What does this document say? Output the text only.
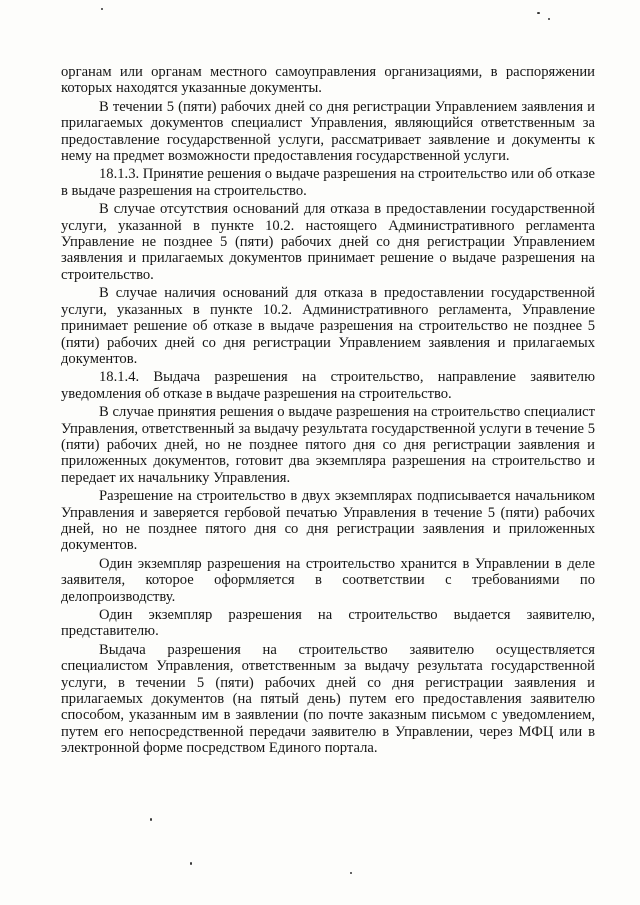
органам или органам местного самоуправления организациями, в распоряжении которых находятся указанные документы.

В течении 5 (пяти) рабочих дней со дня регистрации Управлением заявления и прилагаемых документов специалист Управления, являющийся ответственным за предоставление государственной услуги, рассматривает заявление и документы к нему на предмет возможности предоставления государственной услуги.

18.1.3. Принятие решения о выдаче разрешения на строительство или об отказе в выдаче разрешения на строительство.

В случае отсутствия оснований для отказа в предоставлении государственной услуги, указанной в пункте 10.2. настоящего Административного регламента Управление не позднее 5 (пяти) рабочих дней со дня регистрации Управлением заявления и прилагаемых документов принимает решение о выдаче разрешения на строительство.

В случае наличия оснований для отказа в предоставлении государственной услуги, указанных в пункте 10.2. Административного регламента, Управление принимает решение об отказе в выдаче разрешения на строительство не позднее 5 (пяти) рабочих дней со дня регистрации Управлением заявления и прилагаемых документов.

18.1.4. Выдача разрешения на строительство, направление заявителю уведомления об отказе в выдаче разрешения на строительство.

В случае принятия решения о выдаче разрешения на строительство специалист Управления, ответственный за выдачу результата государственной услуги в течение 5 (пяти) рабочих дней, но не позднее пятого дня со дня регистрации заявления и приложенных документов, готовит два экземпляра разрешения на строительство и передает их начальнику Управления.

Разрешение на строительство в двух экземплярах подписывается начальником Управления и заверяется гербовой печатью Управления в течение 5 (пяти) рабочих дней, но не позднее пятого дня со дня регистрации заявления и приложенных документов.

Один экземпляр разрешения на строительство хранится в Управлении в деле заявителя, которое оформляется в соответствии с требованиями по делопроизводству.

Один экземпляр разрешения на строительство выдается заявителю, представителю.

Выдача разрешения на строительство заявителю осуществляется специалистом Управления, ответственным за выдачу результата государственной услуги, в течении 5 (пяти) рабочих дней со дня регистрации заявления и прилагаемых документов (на пятый день) путем его предоставления заявителю способом, указанным им в заявлении (по почте заказным письмом с уведомлением, путем его непосредственной передачи заявителю в Управлении, через МФЦ или в электронной форме посредством Единого портала.
